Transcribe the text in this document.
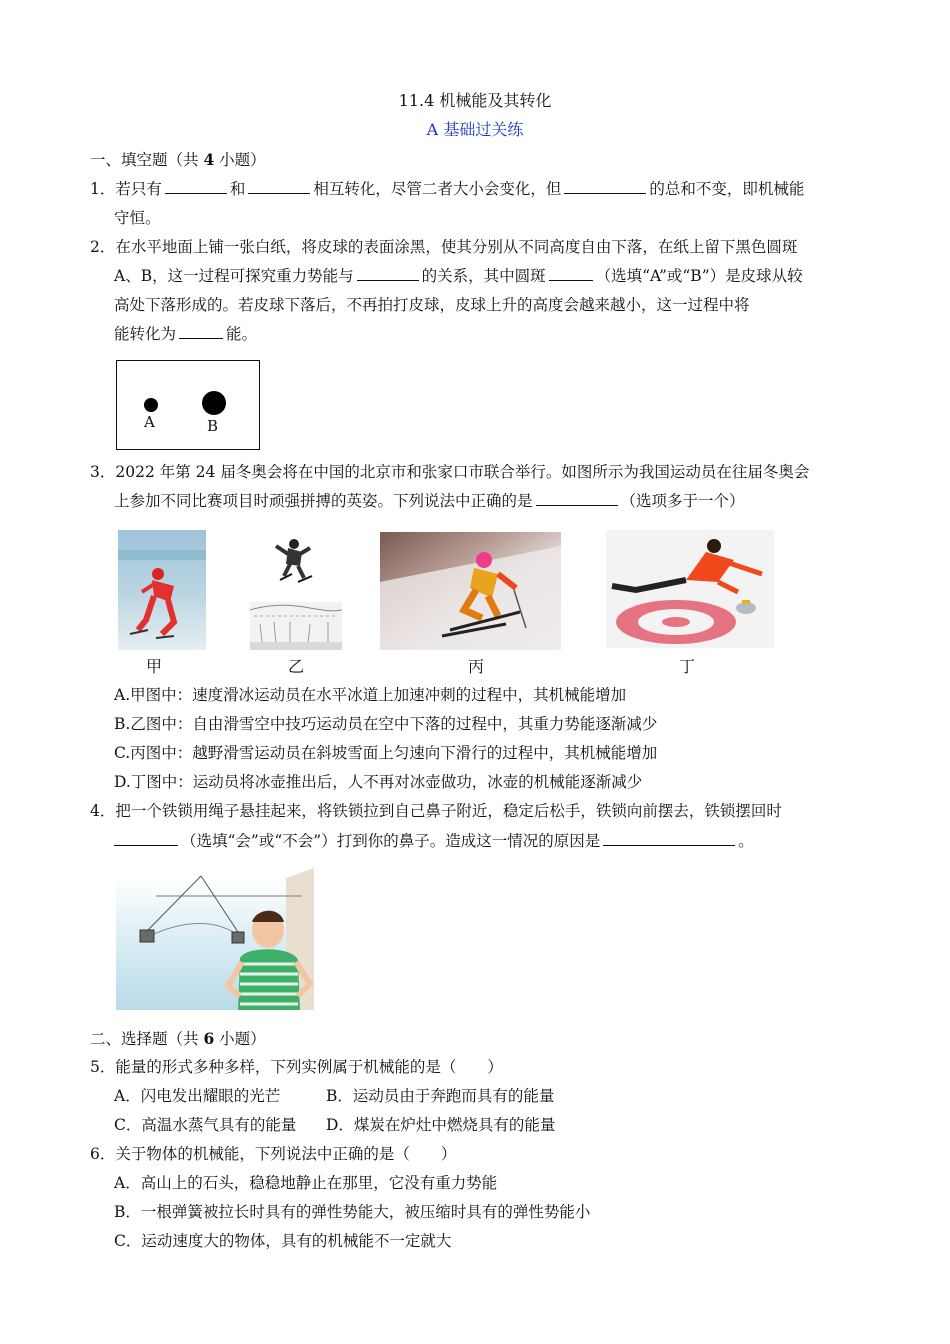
11.4 机械能及其转化
A 基础过关练
一、填空题（共 4 小题）
1．若只有	和	相互转化，尽管二者大小会变化，但	的总和不变，即机械能
守恒。
2．在水平地面上铺一张白纸，将皮球的表面涂黑，使其分别从不同高度自由下落，在纸上留下黑色圆斑
A、B，这一过程可探究重力势能与	的关系，其中圆斑	（选填“A”或“B”）是皮球从较
高处下落形成的。若皮球下落后，不再拍打皮球，皮球上升的高度会越来越小，这一过程中将
能转化为	能。
A	B
3．2022 年第 24 届冬奥会将在中国的北京市和张家口市联合举行。如图所示为我国运动员在往届冬奥会
上参加不同比赛项目时顽强拼搏的英姿。下列说法中正确的是	（选项多于一个）
甲	乙	丙	丁
A.甲图中：速度滑冰运动员在水平冰道上加速冲刺的过程中，其机械能增加
B.乙图中：自由滑雪空中技巧运动员在空中下落的过程中，其重力势能逐渐减少
C.丙图中：越野滑雪运动员在斜坡雪面上匀速向下滑行的过程中，其机械能增加
D.丁图中：运动员将冰壶推出后，人不再对冰壶做功，冰壶的机械能逐渐减少
4．把一个铁锁用绳子悬挂起来，将铁锁拉到自己鼻子附近，稳定后松手，铁锁向前摆去，铁锁摆回时
（选填“会”或“不会”）打到你的鼻子。造成这一情况的原因是	。
二、选择题（共 6 小题）
5．能量的形式多种多样，下列实例属于机械能的是（　　）
A．闪电发出耀眼的光芒	B．运动员由于奔跑而具有的能量
C．高温水蒸气具有的能量 D．煤炭在炉灶中燃烧具有的能量
6．关于物体的机械能，下列说法中正确的是（　　）
A．高山上的石头，稳稳地静止在那里，它没有重力势能
B．一根弹簧被拉长时具有的弹性势能大，被压缩时具有的弹性势能小
C．运动速度大的物体，具有的机械能不一定就大
